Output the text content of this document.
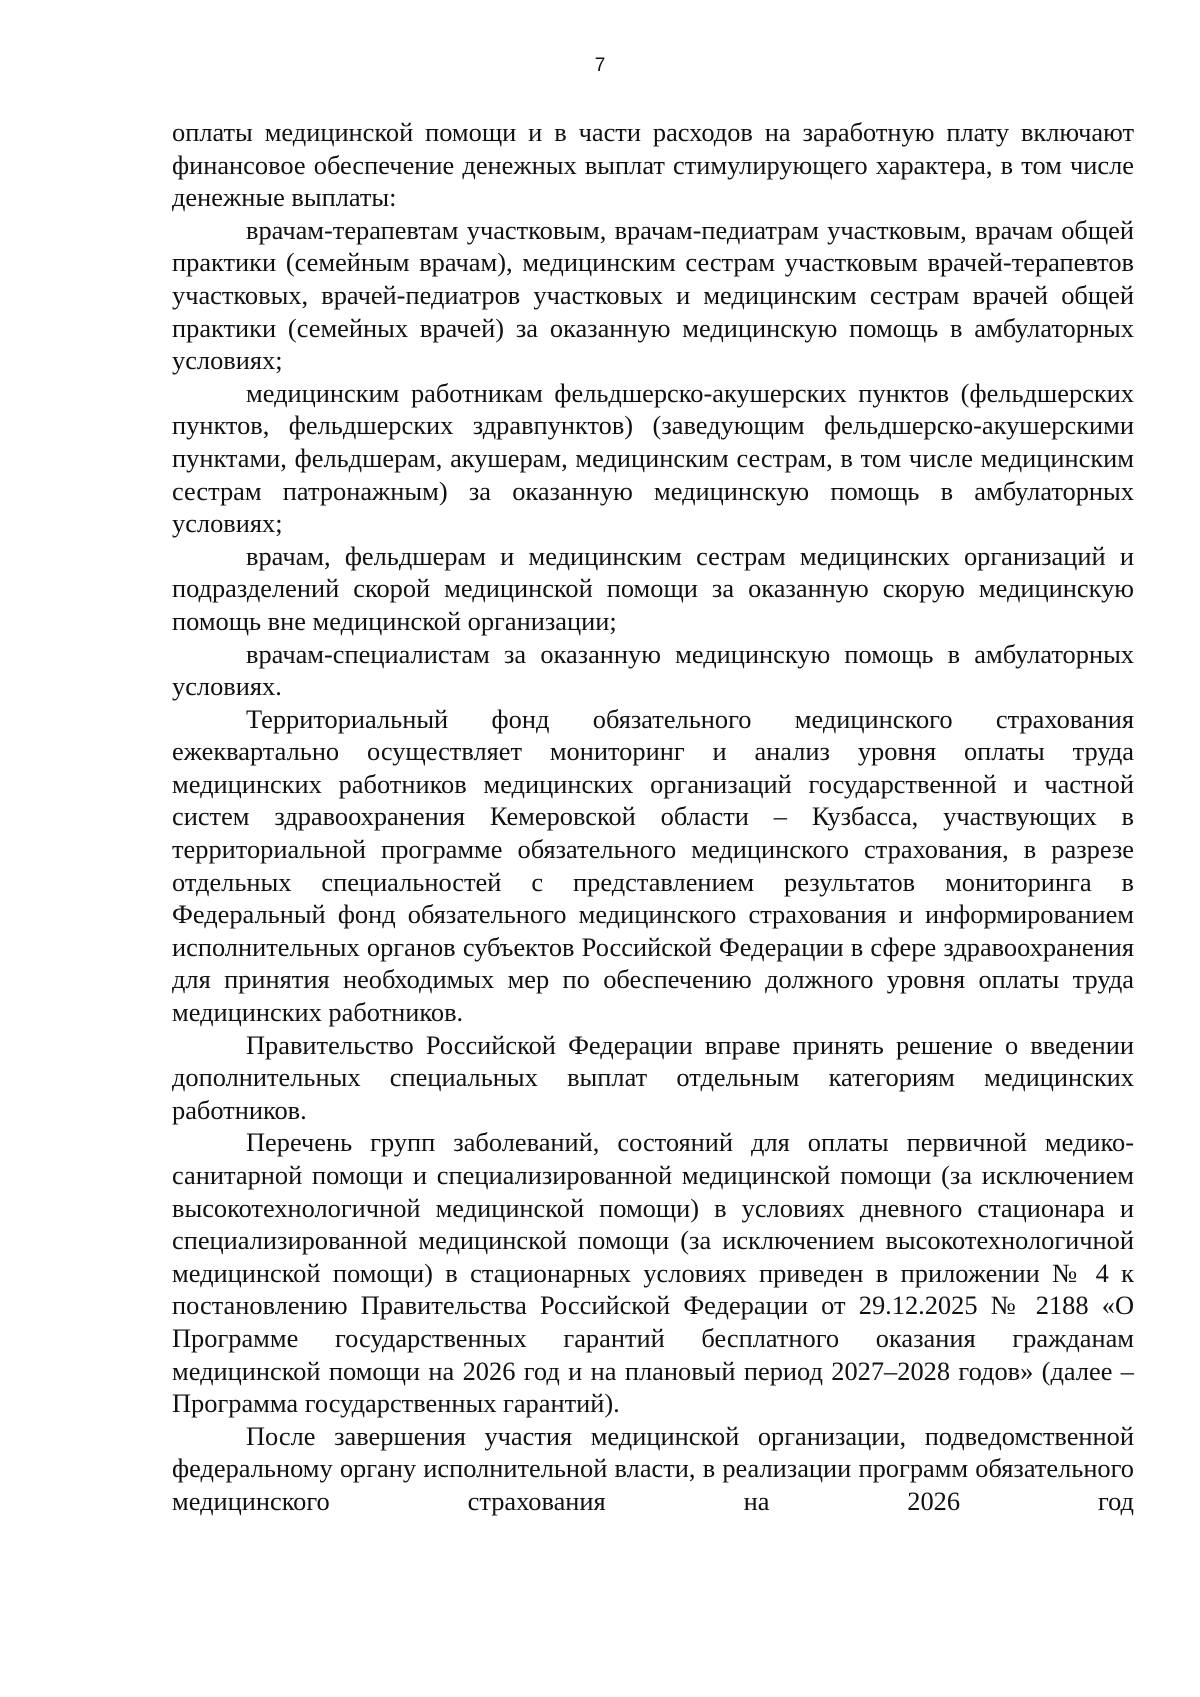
7

оплаты медицинской помощи и в части расходов на заработную плату включают финансовое обеспечение денежных выплат стимулирующего характера, в том числе денежные выплаты:

врачам-терапевтам участковым, врачам-педиатрам участковым, врачам общей практики (семейным врачам), медицинским сестрам участковым врачей-терапевтов участковых, врачей-педиатров участковых и медицинским сестрам врачей общей практики (семейных врачей) за оказанную медицинскую помощь в амбулаторных условиях;

медицинским работникам фельдшерско-акушерских пунктов (фельдшерских пунктов, фельдшерских здравпунктов) (заведующим фельдшерско-акушерскими пунктами, фельдшерам, акушерам, медицинским сестрам, в том числе медицинским сестрам патронажным) за оказанную медицинскую помощь в амбулаторных условиях;

врачам, фельдшерам и медицинским сестрам медицинских организаций и подразделений скорой медицинской помощи за оказанную скорую медицинскую помощь вне медицинской организации;

врачам-специалистам за оказанную медицинскую помощь в амбулаторных условиях.

Территориальный фонд обязательного медицинского страхования ежеквартально осуществляет мониторинг и анализ уровня оплаты труда медицинских работников медицинских организаций государственной и частной систем здравоохранения Кемеровской области – Кузбасса, участвующих в территориальной программе обязательного медицинского страхования, в разрезе отдельных специальностей с представлением результатов мониторинга в Федеральный фонд обязательного медицинского страхования и информированием исполнительных органов субъектов Российской Федерации в сфере здравоохранения для принятия необходимых мер по обеспечению должного уровня оплаты труда медицинских работников.

Правительство Российской Федерации вправе принять решение о введении дополнительных специальных выплат отдельным категориям медицинских работников.

Перечень групп заболеваний, состояний для оплаты первичной медико-санитарной помощи и специализированной медицинской помощи (за исключением высокотехнологичной медицинской помощи) в условиях дневного стационара и специализированной медицинской помощи (за исключением высокотехнологичной медицинской помощи) в стационарных условиях приведен в приложении № 4 к постановлению Правительства Российской Федерации от 29.12.2025 № 2188 «О Программе государственных гарантий бесплатного оказания гражданам медицинской помощи на 2026 год и на плановый период 2027–2028 годов» (далее – Программа государственных гарантий).

После завершения участия медицинской организации, подведомственной федеральному органу исполнительной власти, в реализации программ обязательного медицинского страхования на 2026 год
